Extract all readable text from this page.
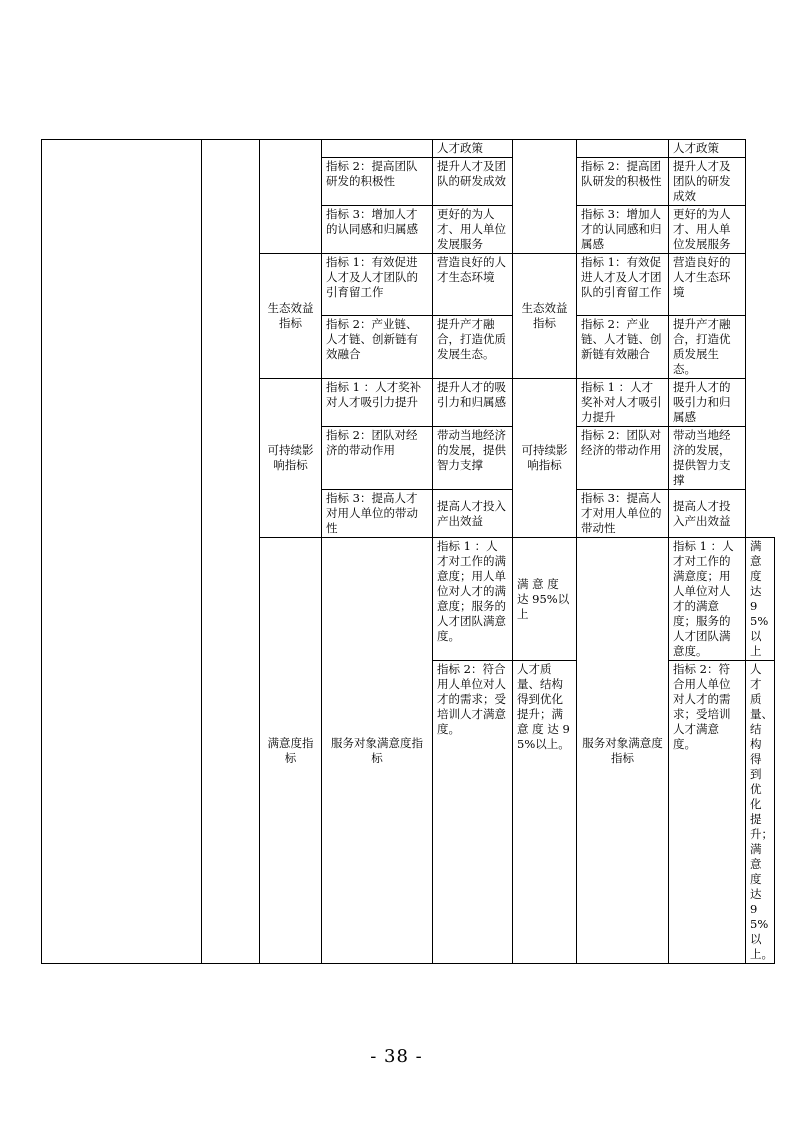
				人才政策			人才政策	
			指标 2：提高团队研发的积极性	提升人才及团队的研发成效		指标 2：提高团队研发的积极性	提升人才及团队的研发成效	
			指标 3：增加人才的认同感和归属感	更好的为人才、用人单位发展服务		指标 3：增加人才的认同感和归属感	更好的为人才、用人单位发展服务	
		生态效益指标	指标 1：有效促进人才及人才团队的引育留工作	营造良好的人才生态环境	生态效益指标	指标 1：有效促进人才及人才团队的引育留工作	营造良好的人才生态环境	
			指标 2：产业链、人才链、创新链有效融合	提升产才融合，打造优质发展生态。		指标 2：产业链、人才链、创新链有效融合	提升产才融合，打造优质发展生态。	
		可持续影响指标	指标 1 ：人才奖补对人才吸引力提升	提升人才的吸引力和归属感	可持续影响指标	指标 1 ：人才奖补对人才吸引力提升	提升人才的吸引力和归属感	
			指标 2：团队对经济的带动作用	带动当地经济的发展，提供智力支撑		指标 2：团队对经济的带动作用	带动当地经济的发展，提供智力支撑	
			指标 3：提高人才对用人单位的带动性	提高人才投入产出效益		指标 3：提高人才对用人单位的带动性	提高人才投入产出效益	
		满意度指标	服务对象满意度指标	指标 1 ：人才对工作的满意度；用人单位对人才的满意度；服务的人才团队满意度。	满 意 度 达 95%以上	服务对象满意度指标	指标 1 ：人才对工作的满意度；用人单位对人才的满意度；服务的人才团队满意度。	满 意 度 达 95%以上
				指标 2：符合用人单位对人才的需求；受培训人才满意度。	人才质量、结构得到优化提升；满 意 度 达 95%以上。		指标 2：符合用人单位对人才的需求；受培训人才满意度。	人才质量、结构得到优化提升；满 意 度 达 95%以上。
- 38 -
